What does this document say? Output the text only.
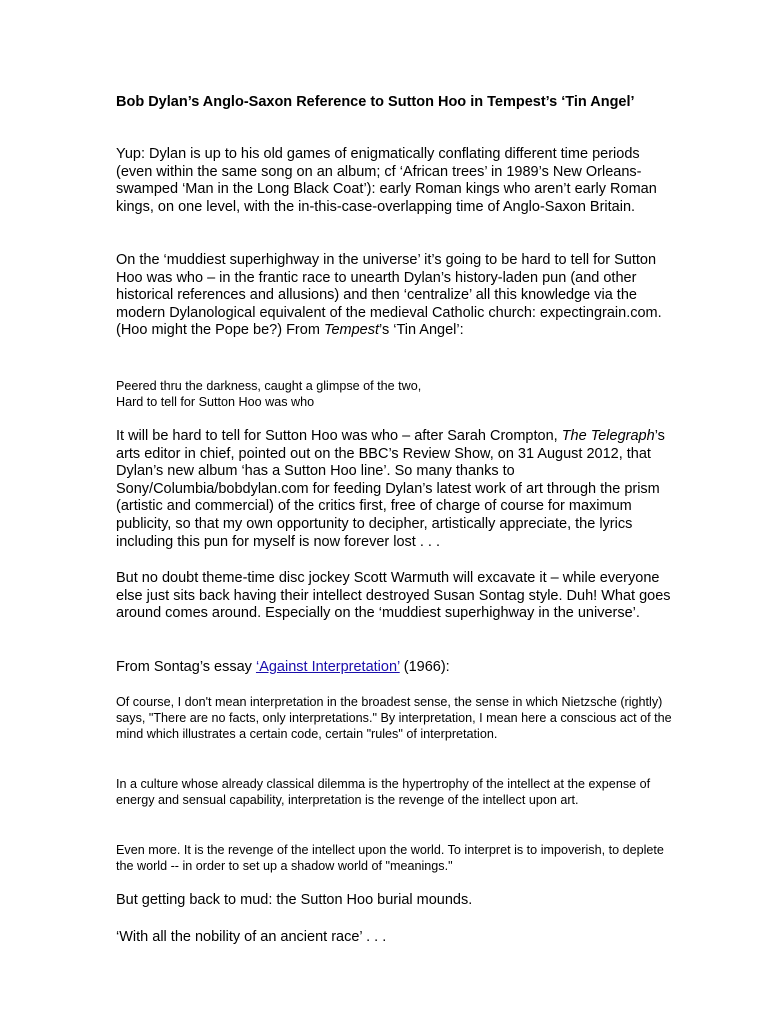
Bob Dylan’s Anglo-Saxon Reference to Sutton Hoo in Tempest’s ‘Tin Angel’

Yup: Dylan is up to his old games of enigmatically conflating different time periods (even within the same song on an album; cf ‘African trees’ in 1989’s New Orleans-swamped ‘Man in the Long Black Coat’): early Roman kings who aren’t early Roman kings, on one level, with the in-this-case-overlapping time of Anglo-Saxon Britain.

On the ‘muddiest superhighway in the universe’ it’s going to be hard to tell for Sutton Hoo was who – in the frantic race to unearth Dylan’s history-laden pun (and other historical references and allusions) and then ‘centralize’ all this knowledge via the modern Dylanological equivalent of the medieval Catholic church: expectingrain.com. (Hoo might the Pope be?) From Tempest’s ‘Tin Angel’:

Peered thru the darkness, caught a glimpse of the two,
Hard to tell for Sutton Hoo was who

It will be hard to tell for Sutton Hoo was who – after Sarah Crompton, The Telegraph’s arts editor in chief, pointed out on the BBC’s Review Show, on 31 August 2012, that Dylan’s new album ‘has a Sutton Hoo line’. So many thanks to Sony/Columbia/bobdylan.com for feeding Dylan’s latest work of art through the prism (artistic and commercial) of the critics first, free of charge of course for maximum publicity, so that my own opportunity to decipher, artistically appreciate, the lyrics including this pun for myself is now forever lost . . .

But no doubt theme-time disc jockey Scott Warmuth will excavate it – while everyone else just sits back having their intellect destroyed Susan Sontag style. Duh! What goes around comes around. Especially on the ‘muddiest superhighway in the universe’.

From Sontag’s essay ‘Against Interpretation’ (1966):

Of course, I don't mean interpretation in the broadest sense, the sense in which Nietzsche (rightly) says, "There are no facts, only interpretations." By interpretation, I mean here a conscious act of the mind which illustrates a certain code, certain "rules" of interpretation.

In a culture whose already classical dilemma is the hypertrophy of the intellect at the expense of energy and sensual capability, interpretation is the revenge of the intellect upon art.

Even more. It is the revenge of the intellect upon the world. To interpret is to impoverish, to deplete the world -- in order to set up a shadow world of "meanings."

But getting back to mud: the Sutton Hoo burial mounds.

‘With all the nobility of an ancient race’ . . .
